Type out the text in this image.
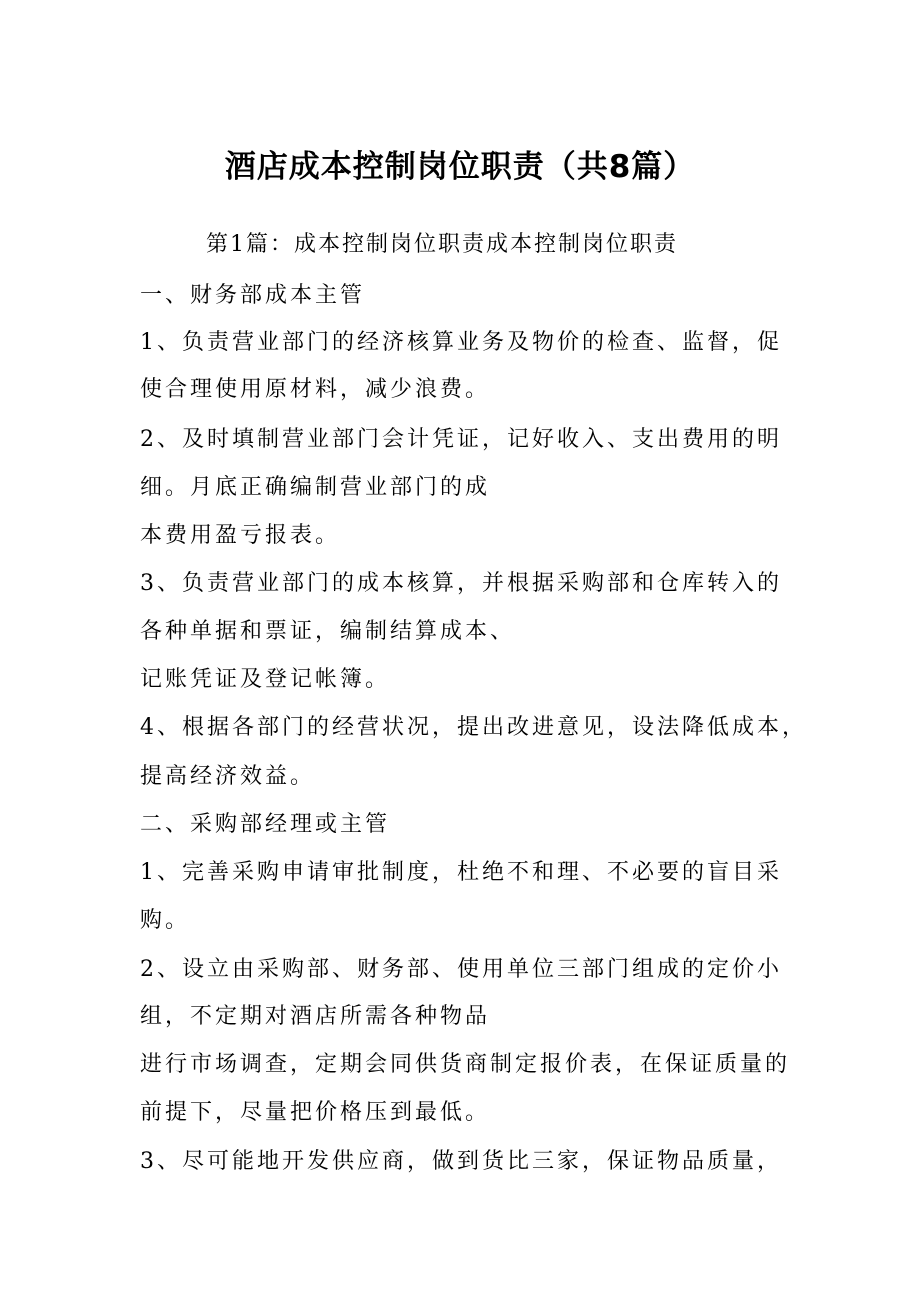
酒店成本控制岗位职责（共8篇）
第1篇：成本控制岗位职责成本控制岗位职责
一、财务部成本主管
1、负责营业部门的经济核算业务及物价的检查、监督，促
使合理使用原材料，减少浪费。
2、及时填制营业部门会计凭证，记好收入、支出费用的明
细。月底正确编制营业部门的成
本费用盈亏报表。
3、负责营业部门的成本核算，并根据采购部和仓库转入的
各种单据和票证，编制结算成本、
记账凭证及登记帐簿。
4、根据各部门的经营状况，提出改进意见，设法降低成本，
提高经济效益。
二、采购部经理或主管
1、完善采购申请审批制度，杜绝不和理、不必要的盲目采
购。
2、设立由采购部、财务部、使用单位三部门组成的定价小
组，不定期对酒店所需各种物品
进行市场调查，定期会同供货商制定报价表，在保证质量的
前提下，尽量把价格压到最低。
3、尽可能地开发供应商，做到货比三家，保证物品质量，
